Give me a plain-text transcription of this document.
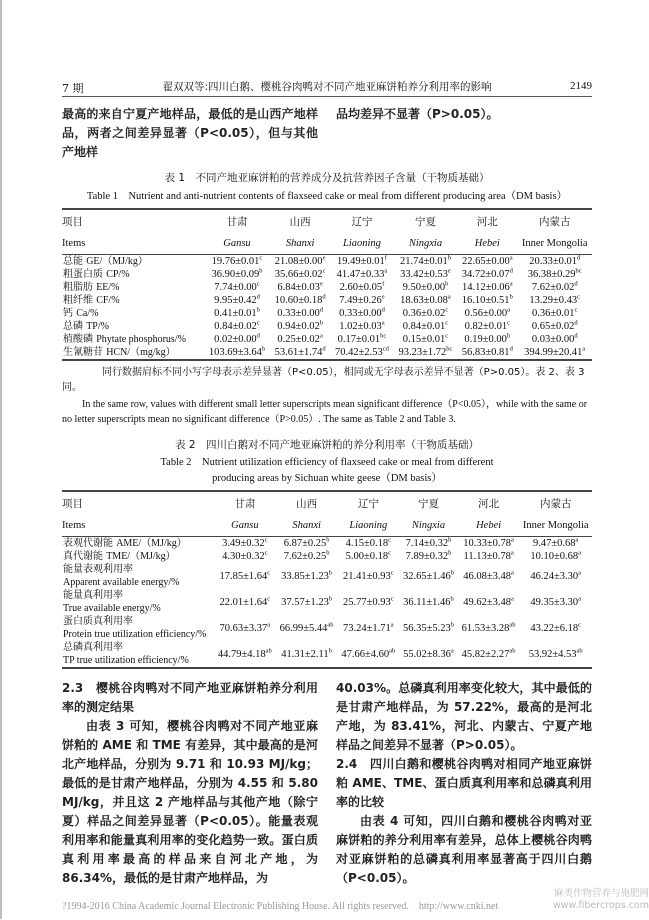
7 期	翟双双等:四川白鹅、樱桃谷肉鸭对不同产地亚麻饼粕养分利用率的影响	2149
最高的来自宁夏产地样品，最低的是山西产地样品，两者之间差异显著（P<0.05），但与其他产地样
品均差异不显著（P>0.05）。
表 1　不同产地亚麻饼粕的营养成分及抗营养因子含量（干物质基础）
Table 1　Nutrient and anti-nutrient contents of flaxseed cake or meal from different producing area（DM basis）
项目	甘肃	山西	辽宁	宁夏	河北	内蒙古
Items	Gansu	Shanxi	Liaoning	Ningxia	Hebei	Inner Mongolia
总能 GE/（MJ/kg）	19.76±0.01$^c$	21.08±0.00$^e$	19.49±0.01$^f$	21.74±0.01$^b$	22.65±0.00$^a$	20.33±0.01$^d$
粗蛋白质 CP/%	36.90±0.09$^b$	35.66±0.02$^c$	41.47±0.33$^a$	33.42±0.53$^e$	34.72±0.07$^d$	36.38±0.29$^{bc}$
粗脂肪 EE/%	7.74±0.00$^c$	6.84±0.03$^e$	2.60±0.05$^f$	9.50±0.00$^b$	14.12±0.06$^a$	7.62±0.02$^d$
粗纤维 CF/%	9.95±0.42$^d$	10.60±0.18$^d$	7.49±0.26$^e$	18.63±0.08$^a$	16.10±0.51$^b$	13.29±0.43$^c$
钙 Ca/%	0.41±0.01$^b$	0.33±0.00$^d$	0.33±0.00$^d$	0.36±0.02$^c$	0.56±0.00$^a$	0.36±0.01$^c$
总磷 TP/%	0.84±0.02$^c$	0.94±0.02$^b$	1.02±0.03$^a$	0.84±0.01$^c$	0.82±0.01$^c$	0.65±0.02$^d$
植酸磷 Phytate phosphorus/%	0.02±0.00$^d$	0.25±0.02$^a$	0.17±0.01$^{bc}$	0.15±0.01$^c$	0.19±0.00$^b$	0.03±0.00$^d$
生氰糖苷 HCN/（mg/kg）	103.69±3.64$^b$	53.61±1.74$^d$	70.42±2.53$^{cd}$	93.23±1.72$^{bc}$	56.83±0.81$^d$	394.99±20.41$^a$
同行数据肩标不同小写字母表示差异显著（P<0.05），相同或无字母表示差异不显著（P>0.05）。表 2、表 3 同。
In the same row, values with different small letter superscripts mean significant difference（P<0.05），while with the same or no letter superscripts mean no significant difference（P>0.05）. The same as Table 2 and Table 3.
表 2　四川白鹅对不同产地亚麻饼粕的养分利用率（干物质基础）
Table 2　Nutrient utilization efficiency of flaxseed cake or meal from different
producing areas by Sichuan white geese（DM basis）
项目	甘肃	山西	辽宁	宁夏	河北	内蒙古
Items	Gansu	Shanxi	Liaoning	Ningxia	Hebei	Inner Mongolia
表观代谢能 AME/（MJ/kg）	3.49±0.32$^c$	6.87±0.25$^b$	4.15±0.18$^c$	7.14±0.32$^b$	10.33±0.78$^a$	9.47±0.68$^a$
真代谢能 TME/（MJ/kg）	4.30±0.32$^c$	7.62±0.25$^b$	5.00±0.18$^c$	7.89±0.32$^b$	11.13±0.78$^a$	10.10±0.68$^a$
能量表观利用率
Apparent available energy/%	17.85±1.64$^c$	33.85±1.23$^b$	21.41±0.93$^c$	32.65±1.46$^b$	46.08±3.48$^a$	46.24±3.30$^a$
能量真利用率
True available energy/%	22.01±1.64$^c$	37.57±1.23$^b$	25.77±0.93$^c$	36.11±1.46$^b$	49.62±3.48$^a$	49.35±3.30$^a$
蛋白质真利用率
Protein true utilization efficiency/%	70.63±3.37$^a$	66.99±5.44$^{ab}$	73.24±1.71$^a$	56.35±5.23$^b$	61.53±3.28$^{ab}$	43.22±6.18$^c$
总磷真利用率
TP true utilization efficiency/%	44.79±4.18$^{ab}$	41.31±2.11$^b$	47.66±4.60$^{ab}$	55.02±8.36$^a$	45.82±2.27$^{ab}$	53.92±4.53$^{ab}$
2.3　樱桃谷肉鸭对不同产地亚麻饼粕养分利用率的测定结果
由表 3 可知，樱桃谷肉鸭对不同产地亚麻饼粕的 AME 和 TME 有差异，其中最高的是河北产地样品，分别为 9.71 和 10.93 MJ/kg；最低的是甘肃产地样品，分别为 4.55 和 5.80 MJ/kg，并且这 2 产地样品与其他产地（除宁夏）样品之间差异显著（P<0.05）。能量表观利用率和能量真利用率的变化趋势一致。蛋白质真利用率最高的样品来自河北产地，为 86.34%，最低的是甘肃产地样品，为
40.03%。总磷真利用率变化较大，其中最低的是甘肃产地样品，为 57.22%，最高的是河北产地，为 83.41%，河北、内蒙古、宁夏产地样品之间差异不显著（P>0.05）。
2.4　四川白鹅和樱桃谷肉鸭对相同产地亚麻饼粕 AME、TME、蛋白质真利用率和总磷真利用率的比较
由表 4 可知，四川白鹅和樱桃谷肉鸭对亚麻饼粕的养分利用率有差异，总体上樱桃谷肉鸭对亚麻饼粕的总磷真利用率显著高于四川白鹅（P<0.05）。
?1994-2016 China Academic Journal Electronic Publishing House. All rights reserved.　http://www.cnki.net
麻类作物营养与施肥网
www.fibercrops.com
